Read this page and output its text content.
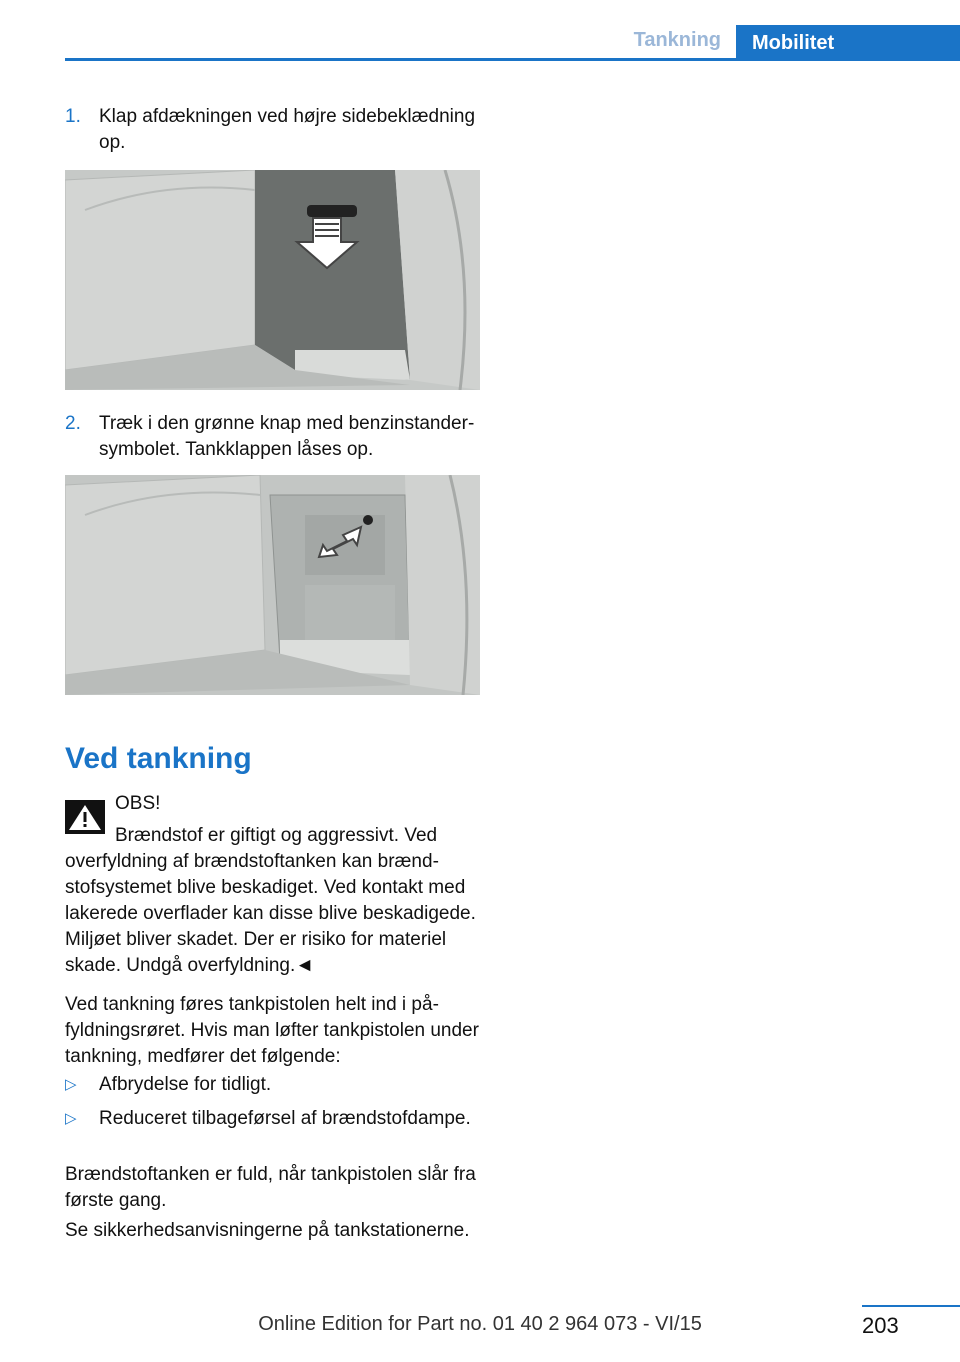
Tankning	Mobilitet
1. Klap afdækningen ved højre sidebeklædning op.
2. Træk i den grønne knap med benzinstander-symbolet. Tankklappen låses op.
Ved tankning
OBS!
Brændstof er giftigt og aggressivt. Ved overfyldning af brændstoftanken kan brændstofsystemet blive beskadiget. Ved kontakt med lakerede overflader kan disse blive beskadigede. Miljøet bliver skadet. Der er risiko for materiel skade. Undgå overfyldning.◄
Ved tankning føres tankpistolen helt ind i påfyldningsrøret. Hvis man løfter tankpistolen under tankning, medfører det følgende:
▷ Afbrydelse for tidligt.
▷ Reduceret tilbageførsel af brændstofdampe.
Brændstoftanken er fuld, når tankpistolen slår fra første gang.
Se sikkerhedsanvisningerne på tankstationerne.
203
Online Edition for Part no. 01 40 2 964 073 - VI/15
